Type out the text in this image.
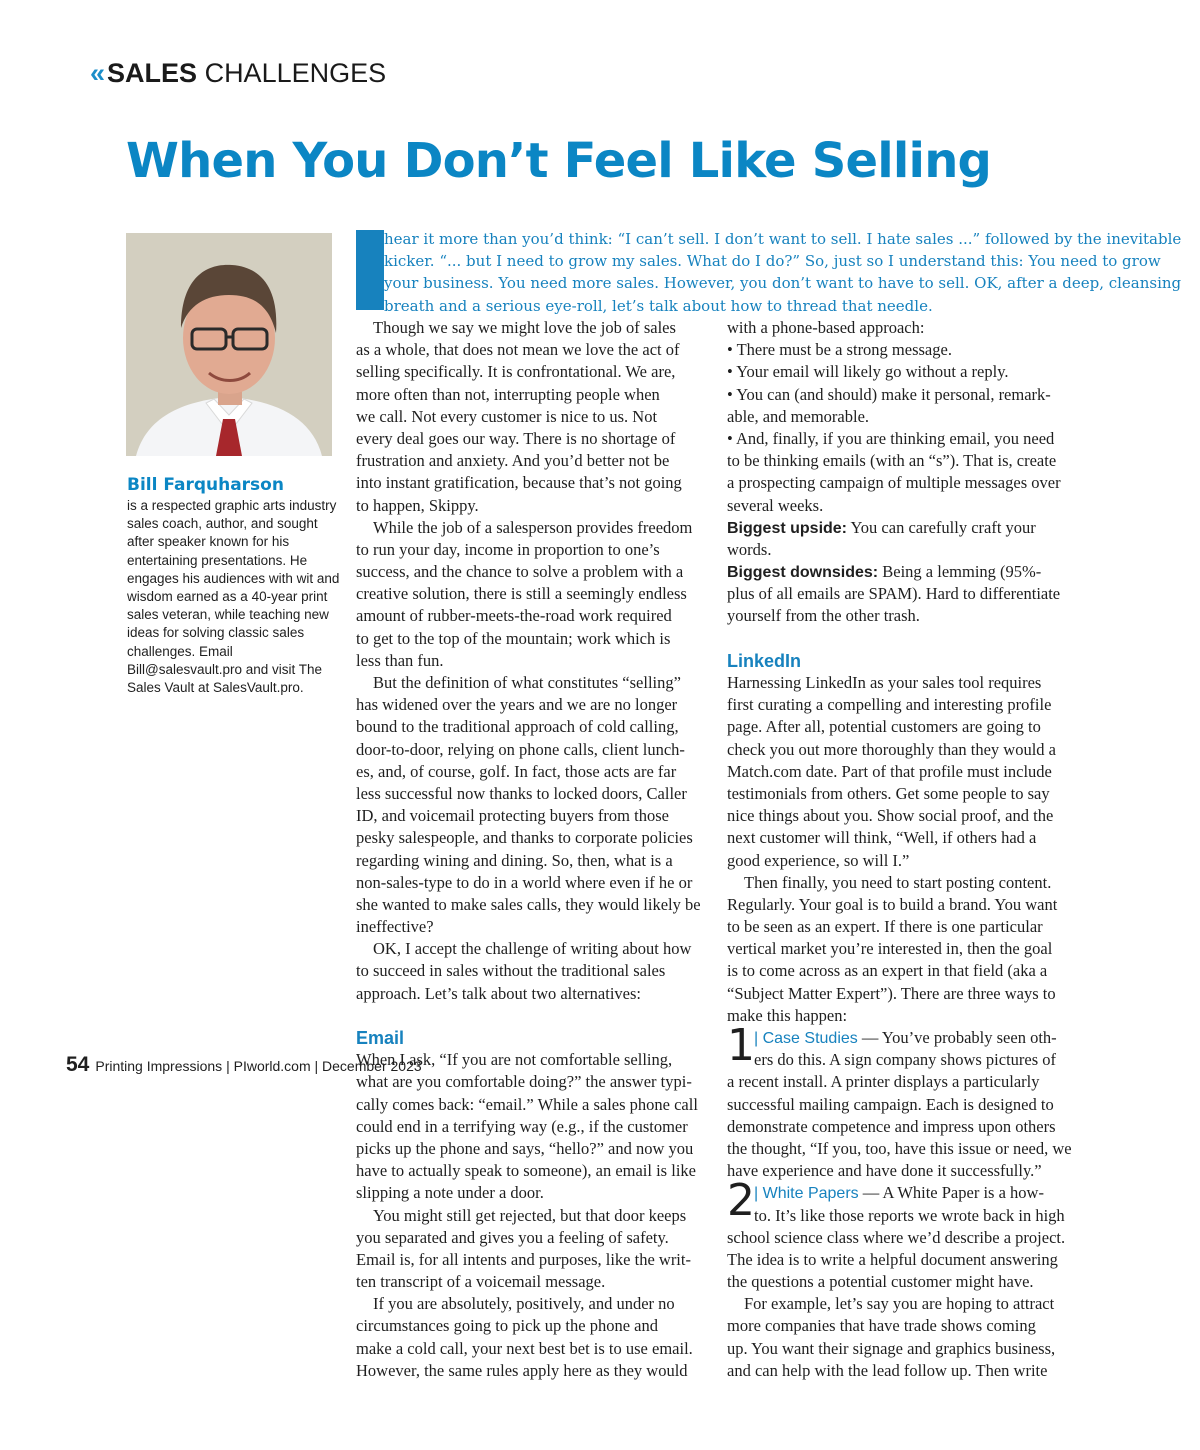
« SALES CHALLENGES
When You Don’t Feel Like Selling
Bill Farquharson
is a respected graphic arts industry sales coach, author, and sought after speaker known for his entertaining presentations. He engages his audiences with wit and wisdom earned as a 40-year print sales veteran, while teaching new ideas for solving classic sales challenges. Email Bill@salesvault.pro and visit The Sales Vault at SalesVault.pro.
hear it more than you’d think: “I can’t sell. I don’t want to sell. I hate sales ...” followed by the inevitable
kicker. “... but I need to grow my sales. What do I do?” So, just so I understand this: You need to grow
your business. You need more sales. However, you don’t want to have to sell. OK, after a deep, cleansing
breath and a serious eye-roll, let’s talk about how to thread that needle.
Though we say we might love the job of sales
as a whole, that does not mean we love the act of
selling specifically. It is confrontational. We are,
more often than not, interrupting people when
we call. Not every customer is nice to us. Not
every deal goes our way. There is no shortage of
frustration and anxiety. And you’d better not be
into instant gratification, because that’s not going
to happen, Skippy.
While the job of a salesperson provides freedom
to run your day, income in proportion to one’s
success, and the chance to solve a problem with a
creative solution, there is still a seemingly endless
amount of rubber-meets-the-road work required
to get to the top of the mountain; work which is
less than fun.
But the definition of what constitutes “selling”
has widened over the years and we are no longer
bound to the traditional approach of cold calling,
door-to-door, relying on phone calls, client lunch-
es, and, of course, golf. In fact, those acts are far
less successful now thanks to locked doors, Caller
ID, and voicemail protecting buyers from those
pesky salespeople, and thanks to corporate policies
regarding wining and dining. So, then, what is a
non-sales-type to do in a world where even if he or
she wanted to make sales calls, they would likely be
ineffective?
OK, I accept the challenge of writing about how
to succeed in sales without the traditional sales
approach. Let’s talk about two alternatives:
Email
When I ask, “If you are not comfortable selling,
what are you comfortable doing?” the answer typi-
cally comes back: “email.” While a sales phone call
could end in a terrifying way (e.g., if the customer
picks up the phone and says, “hello?” and now you
have to actually speak to someone), an email is like
slipping a note under a door.
You might still get rejected, but that door keeps
you separated and gives you a feeling of safety.
Email is, for all intents and purposes, like the writ-
ten transcript of a voicemail message.
If you are absolutely, positively, and under no
circumstances going to pick up the phone and
make a cold call, your next best bet is to use email.
However, the same rules apply here as they would
with a phone-based approach:
• There must be a strong message.
• Your email will likely go without a reply.
• You can (and should) make it personal, remark-
able, and memorable.
• And, finally, if you are thinking email, you need
to be thinking emails (with an “s”). That is, create
a prospecting campaign of multiple messages over
several weeks.
Biggest upside: You can carefully craft your
words.
Biggest downsides: Being a lemming (95%-
plus of all emails are SPAM). Hard to differentiate
yourself from the other trash.
LinkedIn
Harnessing LinkedIn as your sales tool requires
first curating a compelling and interesting profile
page. After all, potential customers are going to
check you out more thoroughly than they would a
Match.com date. Part of that profile must include
testimonials from others. Get some people to say
nice things about you. Show social proof, and the
next customer will think, “Well, if others had a
good experience, so will I.”
Then finally, you need to start posting content.
Regularly. Your goal is to build a brand. You want
to be seen as an expert. If there is one particular
vertical market you’re interested in, then the goal
is to come across as an expert in that field (aka a
“Subject Matter Expert”). There are three ways to
make this happen:
1 | Case Studies — You’ve probably seen oth-
ers do this. A sign company shows pictures of
a recent install. A printer displays a particularly
successful mailing campaign. Each is designed to
demonstrate competence and impress upon others
the thought, “If you, too, have this issue or need, we
have experience and have done it successfully.”
2 | White Papers — A White Paper is a how-
to. It’s like those reports we wrote back in high
school science class where we’d describe a project.
The idea is to write a helpful document answering
the questions a potential customer might have.
For example, let’s say you are hoping to attract
more companies that have trade shows coming
up. You want their signage and graphics business,
and can help with the lead follow up. Then write
54 Printing Impressions | PIworld.com | December 2023
